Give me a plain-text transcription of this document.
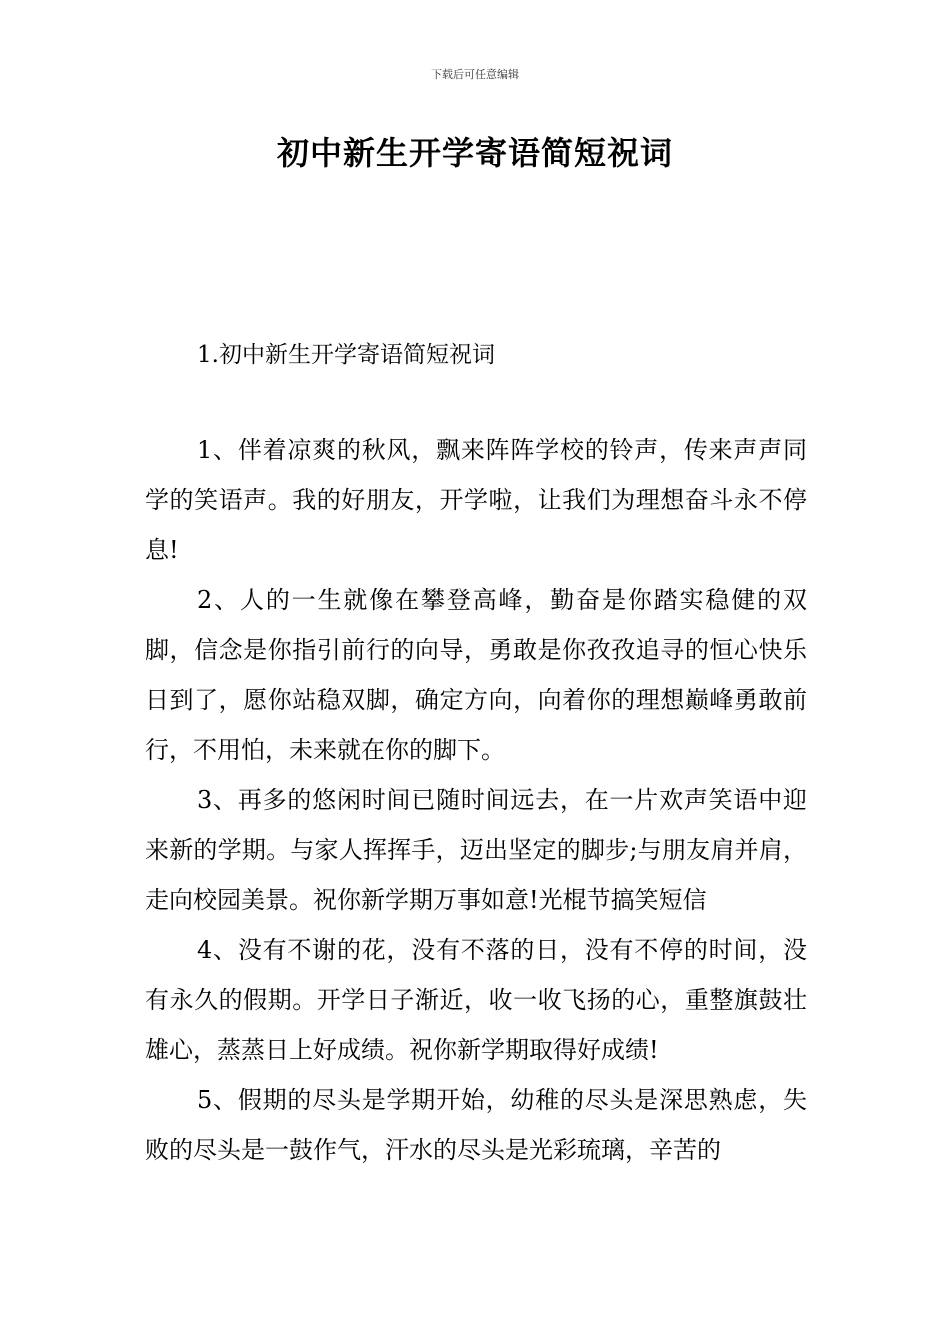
下载后可任意编辑
初中新生开学寄语简短祝词

1.初中新生开学寄语简短祝词

1、伴着凉爽的秋风，飘来阵阵学校的铃声，传来声声同学的笑语声。我的好朋友，开学啦，让我们为理想奋斗永不停息!

2、人的一生就像在攀登高峰，勤奋是你踏实稳健的双脚，信念是你指引前行的向导，勇敢是你孜孜追寻的恒心快乐日到了，愿你站稳双脚，确定方向，向着你的理想巅峰勇敢前行，不用怕，未来就在你的脚下。

3、再多的悠闲时间已随时间远去，在一片欢声笑语中迎来新的学期。与家人挥挥手，迈出坚定的脚步;与朋友肩并肩，走向校园美景。祝你新学期万事如意!光棍节搞笑短信

4、没有不谢的花，没有不落的日，没有不停的时间，没有永久的假期。开学日子渐近，收一收飞扬的心，重整旗鼓壮雄心，蒸蒸日上好成绩。祝你新学期取得好成绩!

5、假期的尽头是学期开始，幼稚的尽头是深思熟虑，失败的尽头是一鼓作气，汗水的尽头是光彩琉璃，辛苦的
